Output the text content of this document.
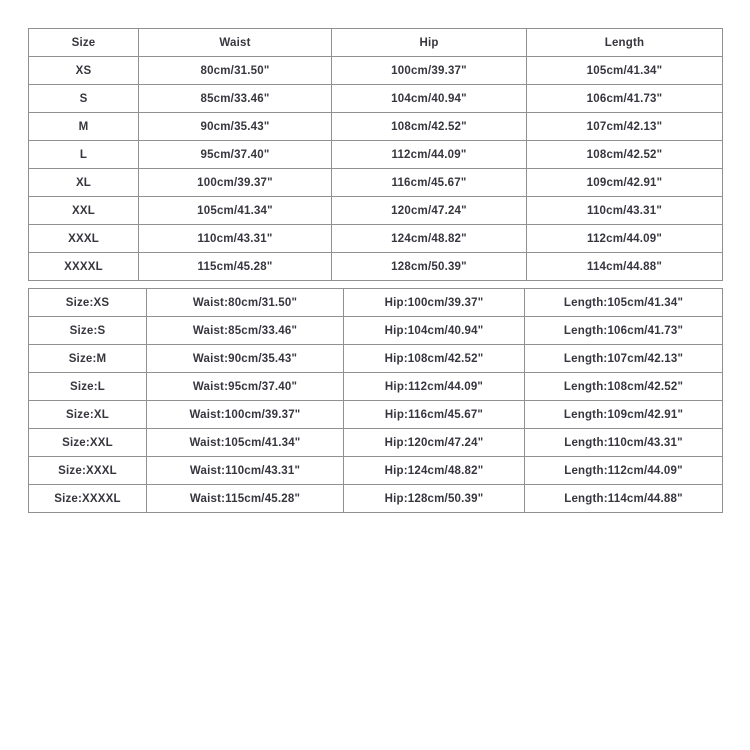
Size	Waist	Hip	Length
XS	80cm/31.50"	100cm/39.37"	105cm/41.34"
S	85cm/33.46"	104cm/40.94"	106cm/41.73"
M	90cm/35.43"	108cm/42.52"	107cm/42.13"
L	95cm/37.40"	112cm/44.09"	108cm/42.52"
XL	100cm/39.37"	116cm/45.67"	109cm/42.91"
XXL	105cm/41.34"	120cm/47.24"	110cm/43.31"
XXXL	110cm/43.31"	124cm/48.82"	112cm/44.09"
XXXXL	115cm/45.28"	128cm/50.39"	114cm/44.88"
Size:XS	Waist:80cm/31.50"	Hip:100cm/39.37"	Length:105cm/41.34"
Size:S	Waist:85cm/33.46"	Hip:104cm/40.94"	Length:106cm/41.73"
Size:M	Waist:90cm/35.43"	Hip:108cm/42.52"	Length:107cm/42.13"
Size:L	Waist:95cm/37.40"	Hip:112cm/44.09"	Length:108cm/42.52"
Size:XL	Waist:100cm/39.37"	Hip:116cm/45.67"	Length:109cm/42.91"
Size:XXL	Waist:105cm/41.34"	Hip:120cm/47.24"	Length:110cm/43.31"
Size:XXXL	Waist:110cm/43.31"	Hip:124cm/48.82"	Length:112cm/44.09"
Size:XXXXL	Waist:115cm/45.28"	Hip:128cm/50.39"	Length:114cm/44.88"
